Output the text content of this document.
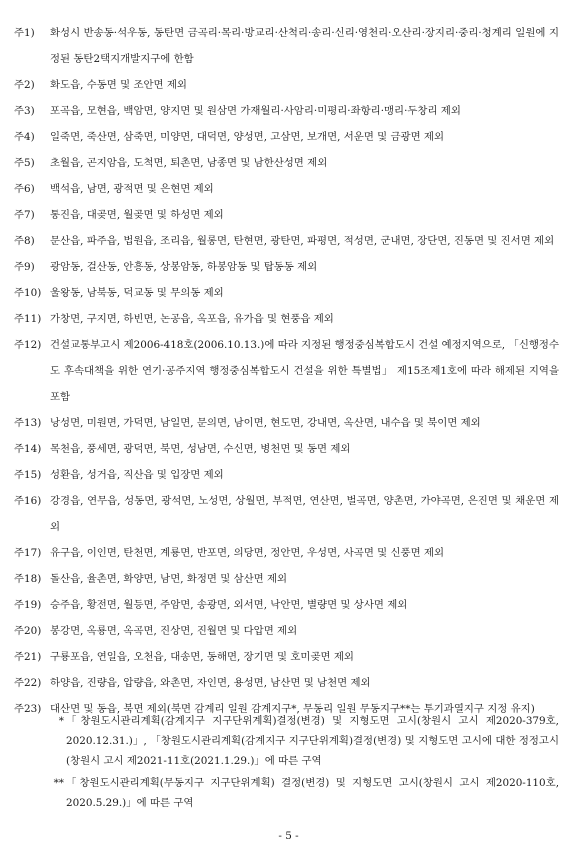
주1)	화성시 반송동·석우동, 동탄면 금곡리·목리·방교리·산척리·송리·신리·영천리·오산리·장지리·중리·청계리 일원에 지정된 동탄2택지개발지구에 한함
주2)	화도읍, 수동면 및 조안면 제외
주3)	포곡읍, 모현읍, 백암면, 양지면 및 원삼면 가재월리·사암리·미평리·좌항리·맹리·두창리 제외
주4)	일죽면, 죽산면, 삼죽면, 미양면, 대덕면, 양성면, 고삼면, 보개면, 서운면 및 금광면 제외
주5)	초월읍, 곤지암읍, 도척면, 퇴촌면, 남종면 및 남한산성면 제외
주6)	백석읍, 남면, 광적면 및 은현면 제외
주7)	통진읍, 대곶면, 월곶면 및 하성면 제외
주8)	문산읍, 파주읍, 법원읍, 조리읍, 월롱면, 탄현면, 광탄면, 파평면, 적성면, 군내면, 장단면, 진동면 및 진서면 제외
주9)	광암동, 걸산동, 안흥동, 상봉암동, 하봉암동 및 탑동동 제외
주10) 울왕동, 남북동, 덕교동 및 무의동 제외
주11) 가창면, 구지면, 하빈면, 논공읍, 옥포읍, 유가읍 및 현풍읍 제외
주12) 건설교통부고시 제2006-418호(2006.10.13.)에 따라 지정된 행정중심복합도시 건설 예정지역으로, 「신행정수도 후속대책을 위한 연기·공주지역 행정중심복합도시 건설을 위한 특별법」 제15조제1호에 따라 해제된 지역을 포함
주13) 낭성면, 미원면, 가덕면, 남일면, 문의면, 남이면, 현도면, 강내면, 옥산면, 내수읍 및 북이면 제외
주14) 목천읍, 풍세면, 광덕면, 북면, 성남면, 수신면, 병천면 및 동면 제외
주15) 성환읍, 성거읍, 직산읍 및 입장면 제외
주16) 강경읍, 연무읍, 성동면, 광석면, 노성면, 상월면, 부적면, 연산면, 벌곡면, 양촌면, 가야곡면, 은진면 및 채운면 제외
주17) 유구읍, 이인면, 탄천면, 계룡면, 반포면, 의당면, 정안면, 우성면, 사곡면 및 신풍면 제외
주18) 돌산읍, 율촌면, 화양면, 남면, 화정면 및 삼산면 제외
주19) 승주읍, 황전면, 월등면, 주암면, 송광면, 외서면, 낙안면, 별량면 및 상사면 제외
주20) 봉강면, 옥룡면, 옥곡면, 진상면, 진월면 및 다압면 제외
주21) 구룡포읍, 연일읍, 오천읍, 대송면, 동해면, 장기면 및 호미곶면 제외
주22) 하양읍, 진량읍, 압량읍, 와촌면, 자인면, 용성면, 남산면 및 남천면 제외
주23) 대산면 및 동읍, 북면 제외(북면 감계리 일원 감계지구*, 무동리 일원 무동지구**는 투기과열지구 지정 유지)
* 「창원도시관리계획(감계지구 지구단위계획)결정(변경) 및 지형도면 고시(창원시 고시 제2020-379호, 2020.12.31.)」, 「창원도시관리계획(감계지구 지구단위계획)결정(변경) 및 지형도면 고시에 대한 정정고시(창원시 고시 제2021-11호(2021.1.29.)」에 따른 구역
** 「창원도시관리계획(무동지구 지구단위계획) 결정(변경) 및 지형도면 고시(창원시 고시 제2020-110호, 2020.5.29.)」에 따른 구역
- 5 -
